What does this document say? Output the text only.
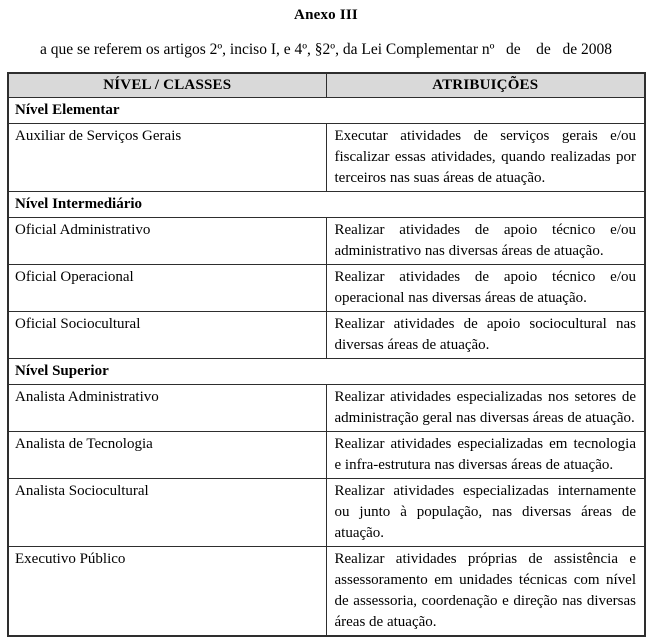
Anexo III

a que se referem os artigos 2º, inciso I, e 4º, §2º, da Lei Complementar nº   de    de   de 2008

NÍVEL / CLASSES	ATRIBUIÇÕES
Nível Elementar	
Auxiliar de Serviços Gerais	Executar atividades de serviços gerais e/ou fiscalizar essas atividades, quando realizadas por terceiros nas suas áreas de atuação.
Nível Intermediário	
Oficial Administrativo	Realizar atividades de apoio técnico e/ou administrativo nas diversas áreas de atuação.
Oficial Operacional	Realizar atividades de apoio técnico e/ou operacional nas diversas áreas de atuação.
Oficial Sociocultural	Realizar atividades de apoio sociocultural nas diversas áreas de atuação.
Nível Superior	
Analista Administrativo	Realizar atividades especializadas nos setores de administração geral nas diversas áreas de atuação.
Analista de Tecnologia	Realizar atividades especializadas em tecnologia e infra-estrutura nas diversas áreas de atuação.
Analista Sociocultural	Realizar atividades especializadas internamente ou junto à população, nas diversas áreas de atuação.
Executivo Público	Realizar atividades próprias de assistência e assessoramento em unidades técnicas com nível de assessoria, coordenação e direção nas diversas áreas de atuação.
